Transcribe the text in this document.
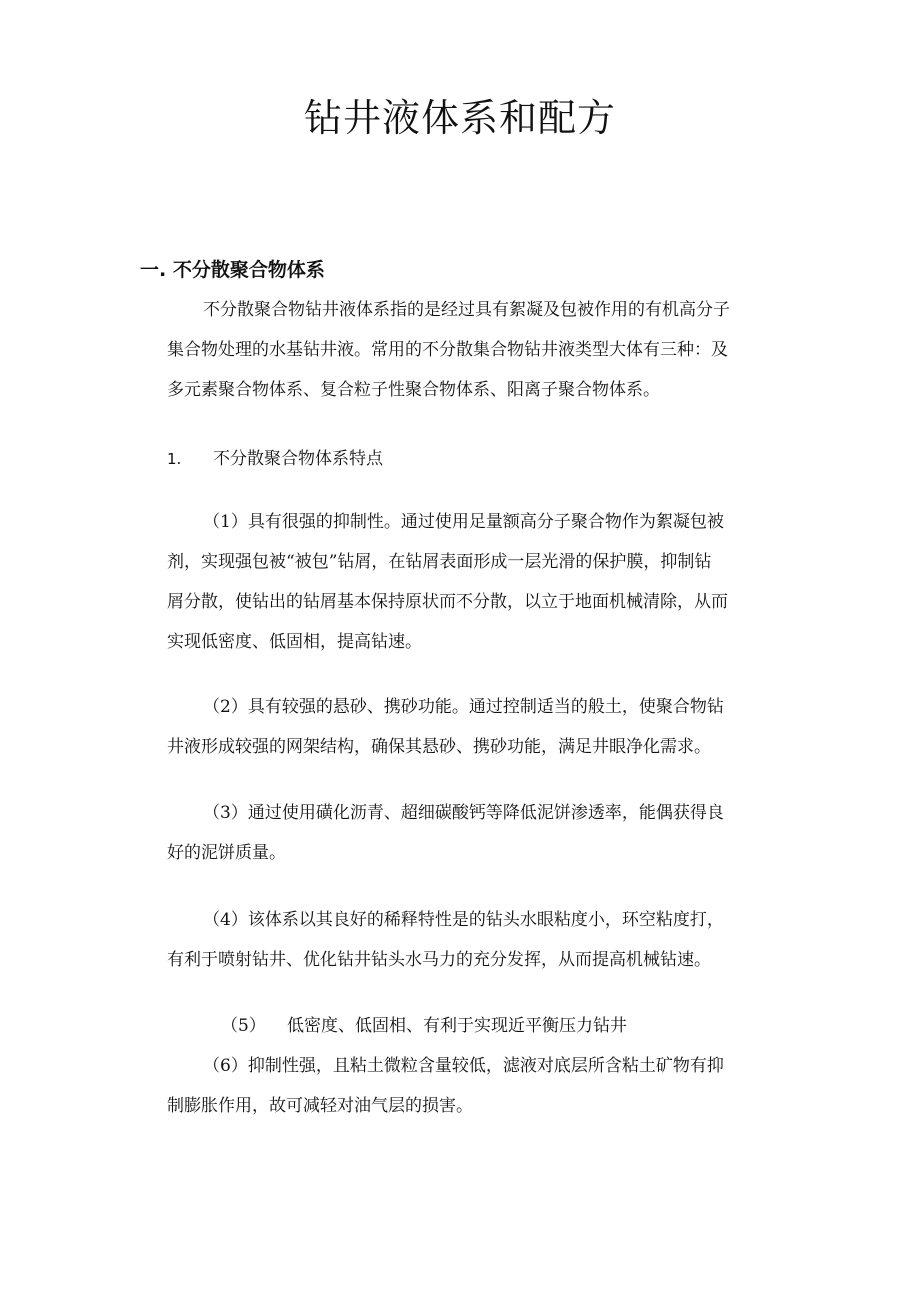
钻井液体系和配方
一. 不分散聚合物体系
不分散聚合物钻井液体系指的是经过具有絮凝及包被作用的有机高分子
集合物处理的水基钻井液。常用的不分散集合物钻井液类型大体有三种：及
多元素聚合物体系、复合粒子性聚合物体系、阳离子聚合物体系。
1. 不分散聚合物体系特点
（1）具有很强的抑制性。通过使用足量额高分子聚合物作为絮凝包被
剂，实现强包被“被包”钻屑，在钻屑表面形成一层光滑的保护膜，抑制钻
屑分散，使钻出的钻屑基本保持原状而不分散，以立于地面机械清除，从而
实现低密度、低固相，提高钻速。
（2）具有较强的悬砂、携砂功能。通过控制适当的般土，使聚合物钻
井液形成较强的网架结构，确保其悬砂、携砂功能，满足井眼净化需求。
（3）通过使用磺化沥青、超细碳酸钙等降低泥饼渗透率，能偶获得良
好的泥饼质量。
（4）该体系以其良好的稀释特性是的钻头水眼粘度小，环空粘度打，
有利于喷射钻井、优化钻井钻头水马力的充分发挥，从而提高机械钻速。
（5） 低密度、低固相、有利于实现近平衡压力钻井
（6）抑制性强，且粘土微粒含量较低，滤液对底层所含粘土矿物有抑
制膨胀作用，故可减轻对油气层的损害。
